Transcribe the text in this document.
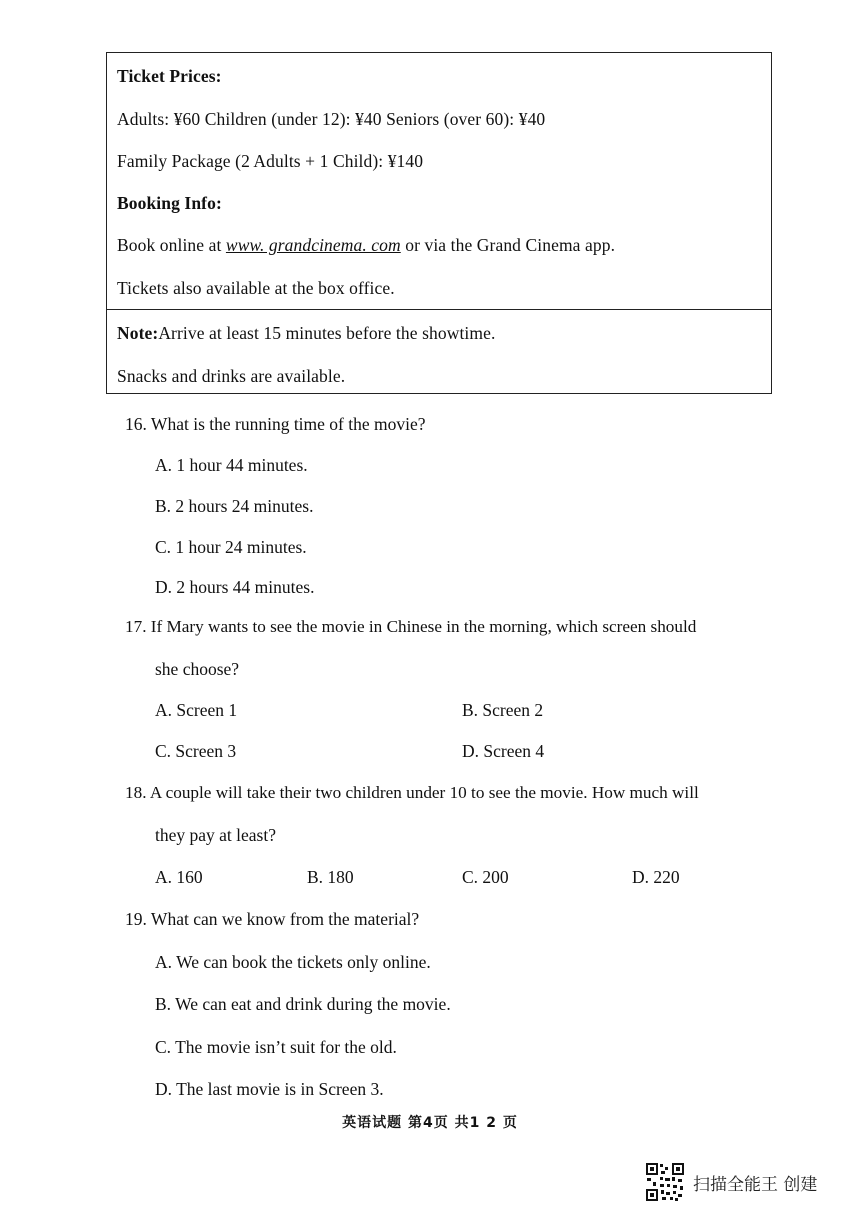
Ticket Prices:
Adults: ¥60 Children (under 12): ¥40 Seniors (over 60): ¥40
Family Package (2 Adults + 1 Child): ¥140
Booking Info:
Book online at www. grandcinema. com or via the Grand Cinema app.
Tickets also available at the box office.
Note:Arrive at least 15 minutes before the showtime.
Snacks and drinks are available.
16. What is the running time of the movie?
A. 1 hour 44 minutes.
B. 2 hours 24 minutes.
C. 1 hour 24 minutes.
D. 2 hours 44 minutes.
17. If Mary wants to see the movie in Chinese in the morning, which screen should
she choose?
A. Screen 1	B. Screen 2
C. Screen 3	D. Screen 4
18. A couple will take their two children under 10 to see the movie. How much will
they pay at least?
A. 160	B. 180	C. 200	D. 220
19. What can we know from the material?
A. We can book the tickets only online.
B. We can eat and drink during the movie.
C. The movie isn’t suit for the old.
D. The last movie is in Screen 3.
英语试题 第4页 共1 2 页
扫描全能王 创建
